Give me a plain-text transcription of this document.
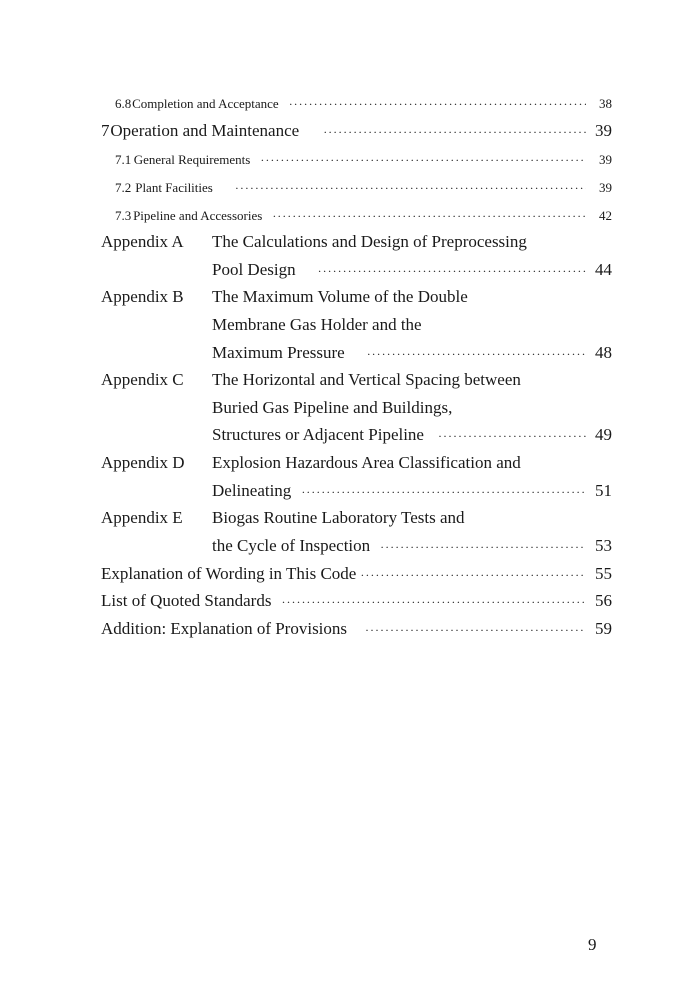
6.8 Completion and Acceptance ·····	38
7 Operation and Maintenance ·····	39
7.1 General Requirements ·····	39
7.2 Plant Facilities ·····	39
7.3 Pipeline and Accessories ·····	42
Appendix A	The Calculations and Design of Preprocessing
Pool Design ·····	44
Appendix B	The Maximum Volume of the Double
Membrane Gas Holder and the
Maximum Pressure ·····	48
Appendix C	The Horizontal and Vertical Spacing between
Buried Gas Pipeline and Buildings,
Structures or Adjacent Pipeline ·····	49
Appendix D	Explosion Hazardous Area Classification and
Delineating ·····	51
Appendix E	Biogas Routine Laboratory Tests and
the Cycle of Inspection ·····	53
Explanation of Wording in This Code ·····	55
List of Quoted Standards ·····	56
Addition: Explanation of Provisions ·····	59
9
